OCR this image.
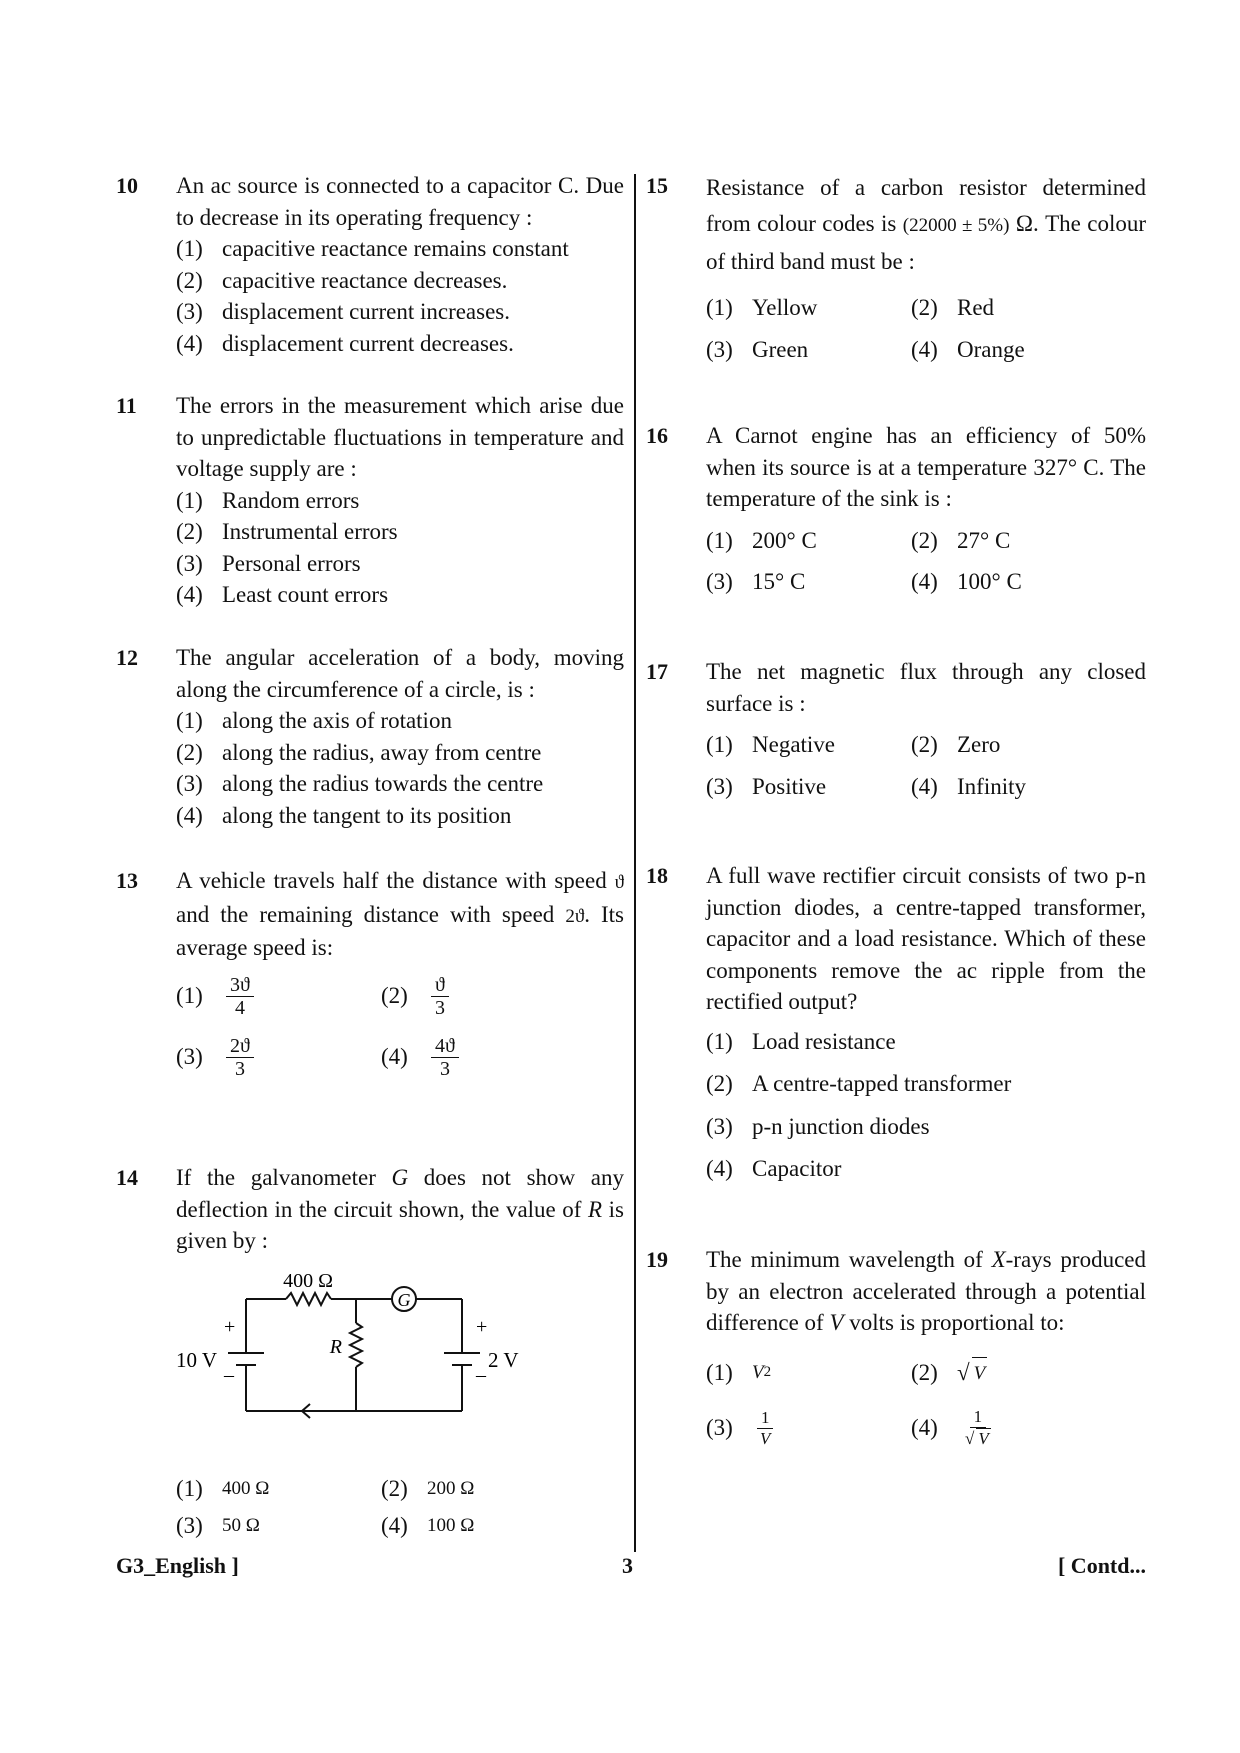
10 An ac source is connected to a capacitor C. Due to decrease in its operating frequency :
(1) capacitive reactance remains constant
(2) capacitive reactance decreases.
(3) displacement current increases.
(4) displacement current decreases.
11 The errors in the measurement which arise due to unpredictable fluctuations in temperature and voltage supply are :
(1) Random errors
(2) Instrumental errors
(3) Personal errors
(4) Least count errors
12 The angular acceleration of a body, moving along the circumference of a circle, is :
(1) along the axis of rotation
(2) along the radius, away from centre
(3) along the radius towards the centre
(4) along the tangent to its position
13 A vehicle travels half the distance with speed ϑ and the remaining distance with speed 2ϑ. Its average speed is:
(1)	$\frac{3ϑ}{4}$	(2)	$\frac{ϑ}{3}$
(3)	$\frac{2ϑ}{3}$	(4)	$\frac{4ϑ}{3}$
14 If the galvanometer G does not show any deflection in the circuit shown, the value of R is given by :
400 Ω
G
R
+
–
10 V
+
–
2 V
(1)	400 Ω	(2)	200 Ω
(3)	50 Ω	(4)	100 Ω
15 Resistance of a carbon resistor determined from colour codes is (22000 ± 5%) Ω. The colour of third band must be :
(1) Yellow	(2) Red
(3) Green	(4) Orange
16 A Carnot engine has an efficiency of 50% when its source is at a temperature 327° C. The temperature of the sink is :
(1) 200° C	(2) 27° C
(3) 15° C	(4) 100° C
17 The net magnetic flux through any closed surface is :
(1) Negative	(2) Zero
(3) Positive	(4) Infinity
18 A full wave rectifier circuit consists of two p-n junction diodes, a centre-tapped transformer, capacitor and a load resistance. Which of these components remove the ac ripple from the rectified output?
(1) Load resistance
(2) A centre-tapped transformer
(3) p-n junction diodes
(4) Capacitor
19 The minimum wavelength of X-rays produced by an electron accelerated through a potential difference of V volts is proportional to:
(1)	V 2	(2) √ V
(3)	$\frac{1}{V}$	(4)	$\frac{1}{√ V}$
G3_English ]	3	[ Contd...
